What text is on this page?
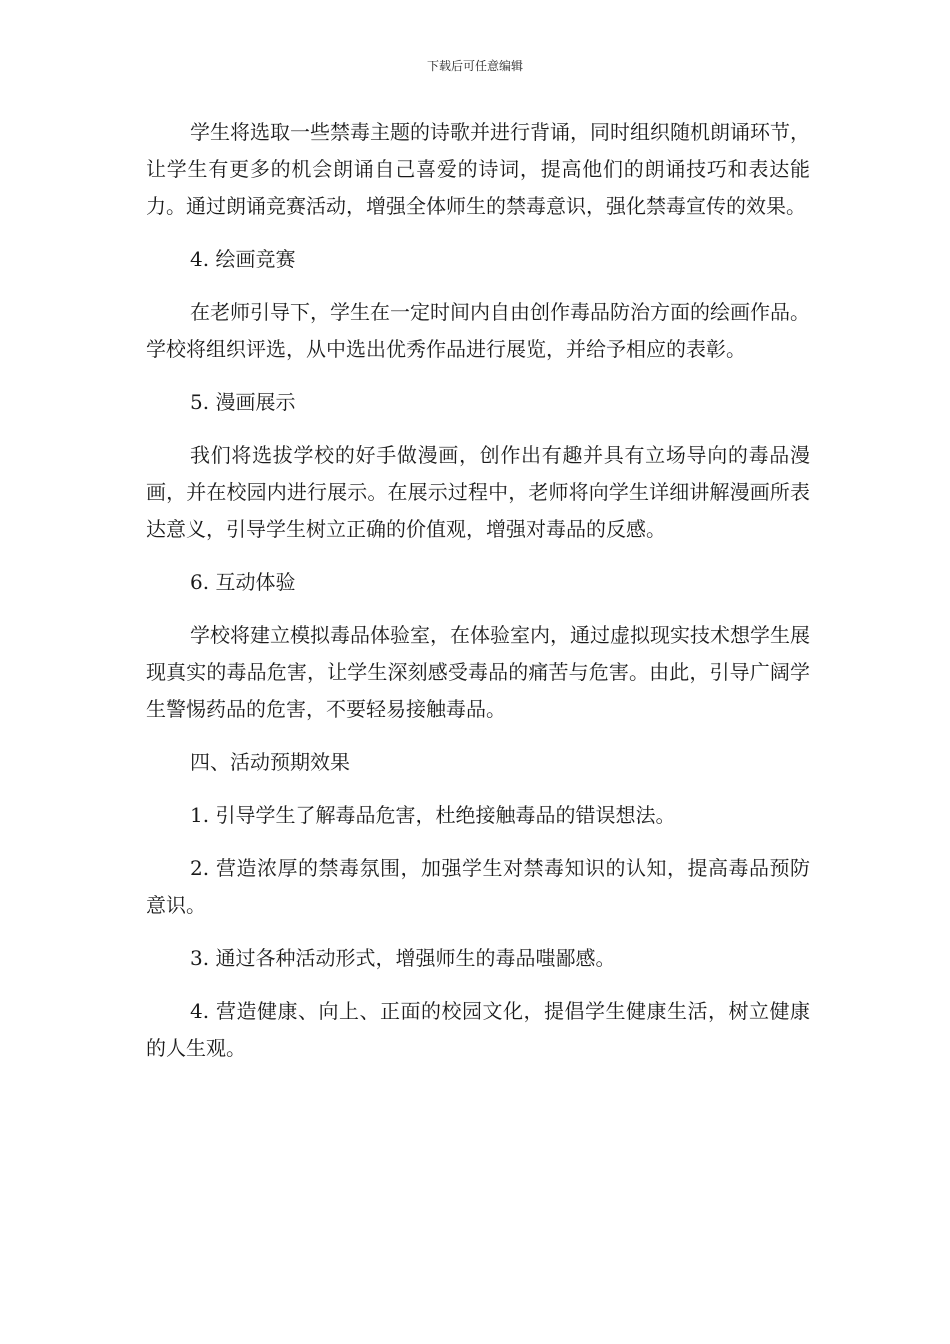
下载后可任意编辑

学生将选取一些禁毒主题的诗歌并进行背诵，同时组织随机朗诵环节，让学生有更多的机会朗诵自己喜爱的诗词，提高他们的朗诵技巧和表达能力。通过朗诵竞赛活动，增强全体师生的禁毒意识，强化禁毒宣传的效果。

4. 绘画竞赛

在老师引导下，学生在一定时间内自由创作毒品防治方面的绘画作品。学校将组织评选，从中选出优秀作品进行展览，并给予相应的表彰。

5. 漫画展示

我们将选拔学校的好手做漫画，创作出有趣并具有立场导向的毒品漫画，并在校园内进行展示。在展示过程中，老师将向学生详细讲解漫画所表达意义，引导学生树立正确的价值观，增强对毒品的反感。

6. 互动体验

学校将建立模拟毒品体验室，在体验室内，通过虚拟现实技术想学生展现真实的毒品危害，让学生深刻感受毒品的痛苦与危害。由此，引导广阔学生警惕药品的危害，不要轻易接触毒品。

四、活动预期效果

1. 引导学生了解毒品危害，杜绝接触毒品的错误想法。

2. 营造浓厚的禁毒氛围，加强学生对禁毒知识的认知，提高毒品预防意识。

3. 通过各种活动形式，增强师生的毒品嗤鄙感。

4. 营造健康、向上、正面的校园文化，提倡学生健康生活，树立健康的人生观。
